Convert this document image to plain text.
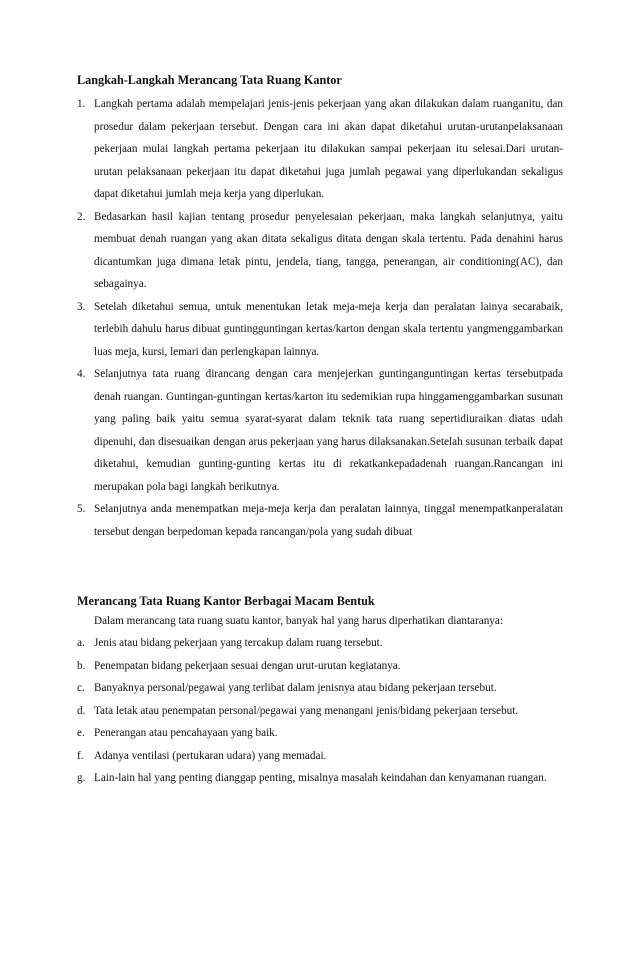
Langkah-Langkah Merancang Tata Ruang Kantor
1. Langkah pertama adalah mempelajari jenis-jenis pekerjaan yang akan dilakukan dalam ruanganitu, dan prosedur dalam pekerjaan tersebut. Dengan cara ini akan dapat diketahui urutan-urutanpelaksanaan pekerjaan mulai langkah pertama pekerjaan itu dilakukan sampai pekerjaan itu selesai.Dari urutan-urutan pelaksanaan pekerjaan itu dapat diketahui juga jumlah pegawai yang diperlukandan sekaligus dapat diketahui jumlah meja kerja yang diperlukan.
2. Bedasarkan hasil kajian tentang prosedur penyelesaian pekerjaan, maka langkah selanjutnya, yaitu membuat denah ruangan yang akan ditata sekaligus ditata dengan skala tertentu. Pada denahini harus dicantumkan juga dimana letak pintu, jendela, tiang, tangga, penerangan, air conditioning(AC), dan sebagainya.
3. Setelah diketahui semua, untuk menentukan letak meja-meja kerja dan peralatan lainya secarabaik, terlebih dahulu harus dibuat guntingguntingan kertas/karton dengan skala tertentu yangmenggambarkan luas meja, kursi, lemari dan perlengkapan lainnya.
4. Selanjutnya tata ruang dirancang dengan cara menjejerkan guntinganguntingan kertas tersebutpada denah ruangan. Guntingan-guntingan kertas/karton itu sedemikian rupa hinggamenggambarkan susunan yang paling baik yaitu semua syarat-syarat dalam teknik tata ruang sepertidiuraikan diatas udah dipenuhi, dan disesuaikan dengan arus pekerjaan yang harus dilaksanakan.Setelah susunan terbaik dapat diketahui, kemudian gunting-gunting kertas itu di rekatkankepadadenah ruangan.Rancangan ini merupakan pola bagi langkah berikutnya.
5. Selanjutnya anda menempatkan meja-meja kerja dan peralatan lainnya, tinggal menempatkanperalatan tersebut dengan berpedoman kepada rancangan/pola yang sudah dibuat
Merancang Tata Ruang Kantor Berbagai Macam Bentuk
Dalam merancang tata ruang suatu kantor, banyak hal yang harus diperhatikan diantaranya:
a. Jenis atau bidang pekerjaan yang tercakup dalam ruang tersebut.
b. Penempatan bidang pekerjaan sesuai dengan urut-urutan kegiatanya.
c. Banyaknya personal/pegawai yang terlibat dalam jenisnya atau bidang pekerjaan tersebut.
d. Tata letak atau penempatan personal/pegawai yang menangani jenis/bidang pekerjaan tersebut.
e. Penerangan atau pencahayaan yang baik.
f. Adanya ventilasi (pertukaran udara) yang memadai.
g. Lain-lain hal yang penting dianggap penting, misalnya masalah keindahan dan kenyamanan ruangan.
